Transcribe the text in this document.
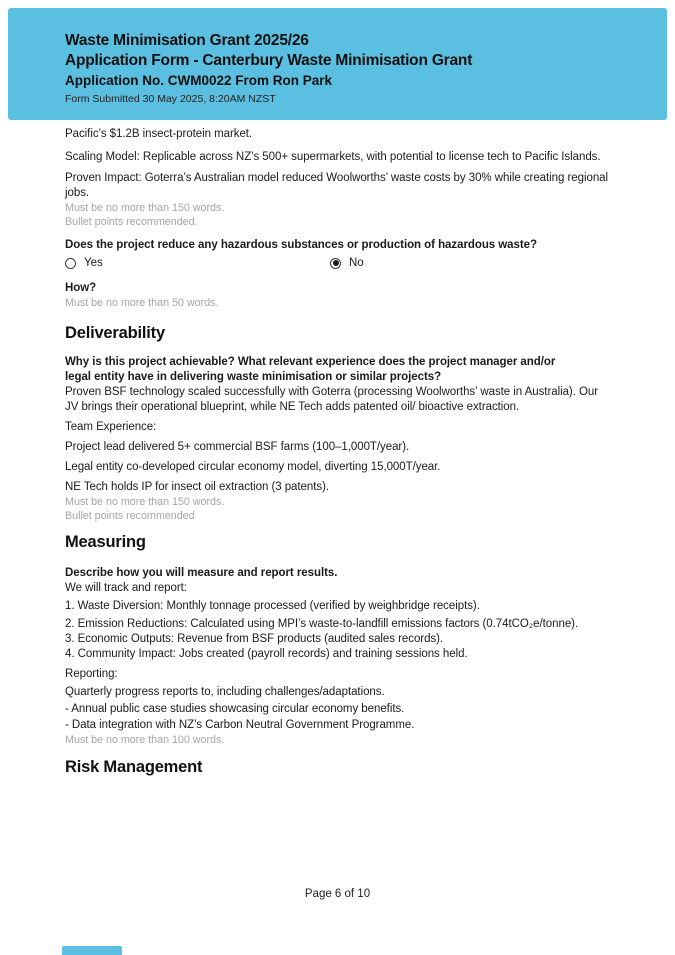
Waste Minimisation Grant 2025/26
Application Form - Canterbury Waste Minimisation Grant
Application No. CWM0022 From Ron Park
Form Submitted 30 May 2025, 8:20AM NZST

Pacific’s $1.2B insect-protein market.

Scaling Model: Replicable across NZ’s 500+ supermarkets, with potential to license tech to Pacific Islands.

Proven Impact: Goterra’s Australian model reduced Woolworths’ waste costs by 30% while creating regional jobs.

Must be no more than 150 words.

Bullet points recommended.

Does the project reduce any hazardous substances or production of hazardous waste?

Yes	No

How?

Must be no more than 50 words.

Deliverability

Why is this project achievable? What relevant experience does the project manager and/or legal entity have in delivering waste minimisation or similar projects?

Proven BSF technology scaled successfully with Goterra (processing Woolworths’ waste in Australia). Our JV brings their operational blueprint, while NE Tech adds patented oil/ bioactive extraction.

Team Experience:

Project lead delivered 5+ commercial BSF farms (100–1,000T/year).

Legal entity co-developed circular economy model, diverting 15,000T/year.

NE Tech holds IP for insect oil extraction (3 patents).

Must be no more than 150 words.

Bullet points recommended

Measuring

Describe how you will measure and report results.

We will track and report:

1. Waste Diversion: Monthly tonnage processed (verified by weighbridge receipts).

2. Emission Reductions: Calculated using MPI’s waste-to-landfill emissions factors (0.74tCO₂e/tonne).

3. Economic Outputs: Revenue from BSF products (audited sales records).

4. Community Impact: Jobs created (payroll records) and training sessions held.

Reporting:

Quarterly progress reports to, including challenges/adaptations.

- Annual public case studies showcasing circular economy benefits.

- Data integration with NZ’s Carbon Neutral Government Programme.

Must be no more than 100 words.

Risk Management
Page 6 of 10
